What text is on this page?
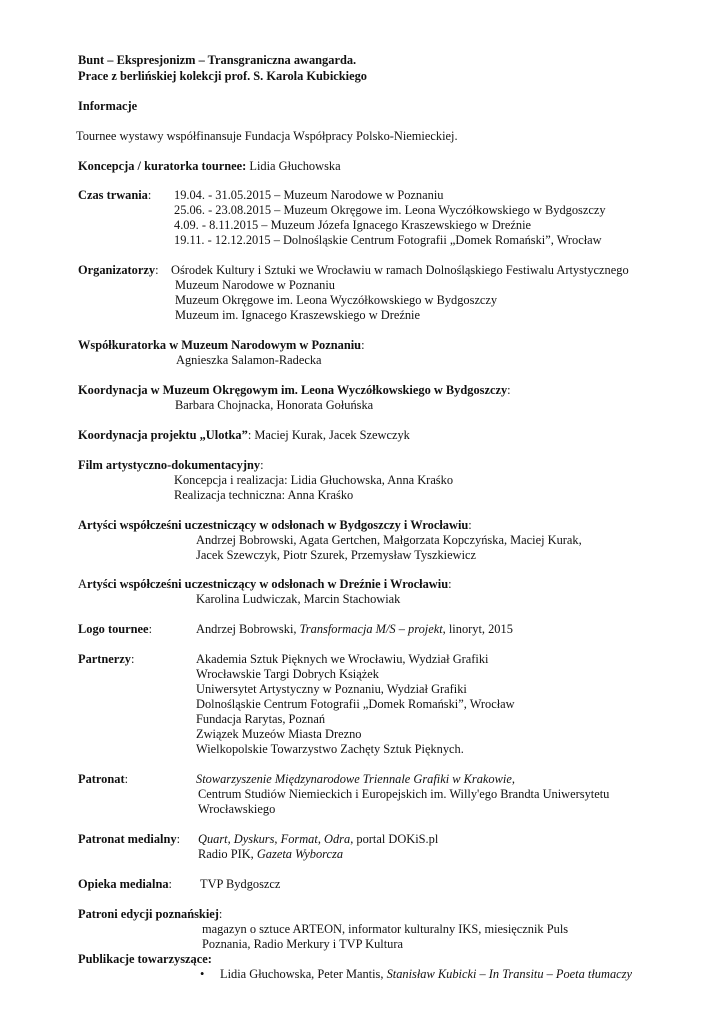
Bunt – Ekspresjonizm – Transgraniczna awangarda.
Prace z berlińskiej kolekcji prof. S. Karola Kubickiego
Informacje
Tournee wystawy współfinansuje Fundacja Współpracy Polsko-Niemieckiej.
Koncepcja / kuratorka tournee: Lidia Głuchowska
Czas trwania: 19.04. - 31.05.2015 – Muzeum Narodowe w Poznaniu
25.06. - 23.08.2015 – Muzeum Okręgowe im. Leona Wyczółkowskiego w Bydgoszczy
4.09. - 8.11.2015 – Muzeum Józefa Ignacego Kraszewskiego w Dreźnie
19.11. - 12.12.2015 – Dolnośląskie Centrum Fotografii „Domek Romański”, Wrocław
Organizatorzy: Ośrodek Kultury i Sztuki we Wrocławiu w ramach Dolnośląskiego Festiwalu Artystycznego
Muzeum Narodowe w Poznaniu
Muzeum Okręgowe im. Leona Wyczółkowskiego w Bydgoszczy
Muzeum im. Ignacego Kraszewskiego w Dreźnie
Współkuratorka w Muzeum Narodowym w Poznaniu:
Agnieszka Salamon-Radecka
Koordynacja w Muzeum Okręgowym im. Leona Wyczółkowskiego w Bydgoszczy:
Barbara Chojnacka, Honorata Gołuńska
Koordynacja projektu „Ulotka”: Maciej Kurak, Jacek Szewczyk
Film artystyczno-dokumentacyjny:
Koncepcja i realizacja: Lidia Głuchowska, Anna Kraśko
Realizacja techniczna: Anna Kraśko
Artyści współcześni uczestniczący w odsłonach w Bydgoszczy i Wrocławiu:
Andrzej Bobrowski, Agata Gertchen, Małgorzata Kopczyńska, Maciej Kurak,
Jacek Szewczyk, Piotr Szurek, Przemysław Tyszkiewicz
Artyści współcześni uczestniczący w odsłonach w Dreźnie i Wrocławiu:
Karolina Ludwiczak, Marcin Stachowiak
Logo tournee:	Andrzej Bobrowski, Transformacja M/S – projekt, linoryt, 2015
Partnerzy:	Akademia Sztuk Pięknych we Wrocławiu, Wydział Grafiki
Wrocławskie Targi Dobrych Książek
Uniwersytet Artystyczny w Poznaniu, Wydział Grafiki
Dolnośląskie Centrum Fotografii „Domek Romański”, Wrocław
Fundacja Rarytas, Poznań
Związek Muzeów Miasta Drezno
Wielkopolskie Towarzystwo Zachęty Sztuk Pięknych.
Patronat:	Stowarzyszenie Międzynarodowe Triennale Grafiki w Krakowie,
Centrum Studiów Niemieckich i Europejskich im. Willy'ego Brandta Uniwersytetu
Wrocławskiego
Patronat medialny: Quart, Dyskurs, Format, Odra, portal DOKiS.pl
Radio PIK, Gazeta Wyborcza
Opieka medialna: TVP Bydgoszcz
Patroni edycji poznańskiej:
magazyn o sztuce ARTEON, informator kulturalny IKS, miesięcznik Puls
Poznania, Radio Merkury i TVP Kultura
Publikacje towarzyszące:
• Lidia Głuchowska, Peter Mantis, Stanisław Kubicki – In Transitu – Poeta tłumaczy
